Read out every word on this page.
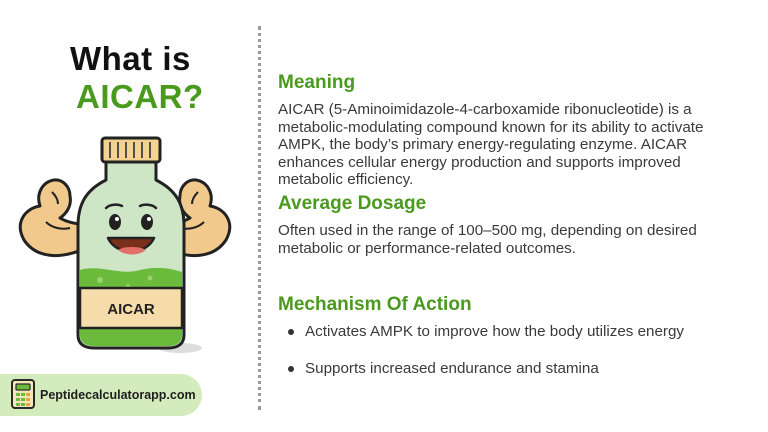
What is
AICAR?
AICAR
Meaning
AICAR (5-Aminoimidazole-4-carboxamide ribonucleotide) is a metabolic-modulating compound known for its ability to activate AMPK, the body’s primary energy-regulating enzyme. AICAR enhances cellular energy production and supports improved metabolic efficiency.
Average Dosage
Often used in the range of 100–500 mg, depending on desired metabolic or performance-related outcomes.
Mechanism Of Action
Activates AMPK to improve how the body utilizes energy
Supports increased endurance and stamina
Peptidecalculatorapp.com
